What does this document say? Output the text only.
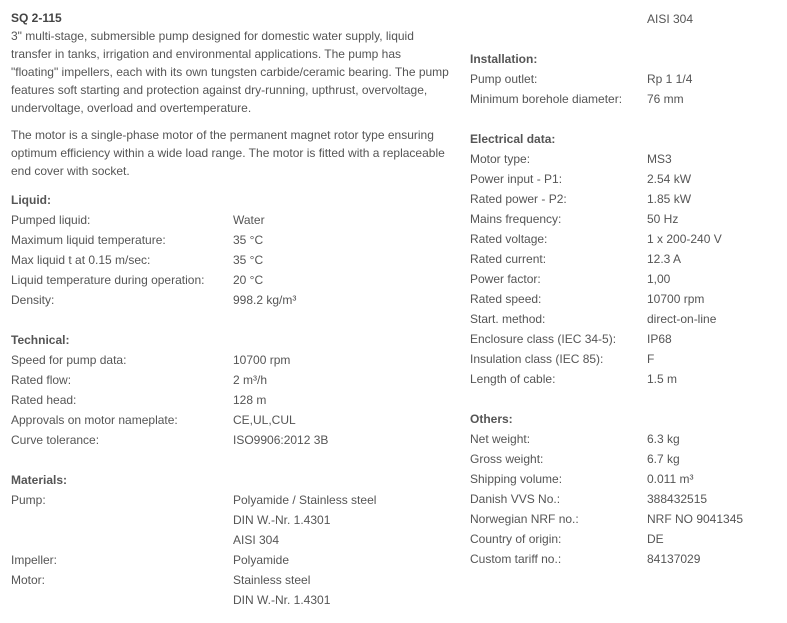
SQ 2-115

3" multi-stage, submersible pump designed for domestic water supply, liquid transfer in tanks, irrigation and environmental applications. The pump has "floating" impellers, each with its own tungsten carbide/ceramic bearing. The pump features soft starting and protection against dry-running, upthrust, overvoltage, undervoltage, overload and overtemperature.

The motor is a single-phase motor of the permanent magnet rotor type ensuring optimum efficiency within a wide load range. The motor is fitted with a replaceable end cover with socket.

Liquid:
Pumped liquid:	Water
Maximum liquid temperature:	35 °C
Max liquid t at 0.15 m/sec:	35 °C
Liquid temperature during operation:	20 °C
Density:	998.2 kg/m³
Technical:
Speed for pump data:	10700 rpm
Rated flow:	2 m³/h
Rated head:	128 m
Approvals on motor nameplate:	CE,UL,CUL
Curve tolerance:	ISO9906:2012 3B
Materials:
Pump:	Polyamide / Stainless steel
DIN W.-Nr. 1.4301
AISI 304
Impeller:	Polyamide
Motor:	Stainless steel
DIN W.-Nr. 1.4301
AISI 304
Installation:
Pump outlet:	Rp 1 1/4
Minimum borehole diameter:	76 mm
Electrical data:
Motor type:	MS3
Power input - P1:	2.54 kW
Rated power - P2:	1.85 kW
Mains frequency:	50 Hz
Rated voltage:	1 x 200-240 V
Rated current:	12.3 A
Power factor:	1,00
Rated speed:	10700 rpm
Start. method:	direct-on-line
Enclosure class (IEC 34-5):	IP68
Insulation class (IEC 85):	F
Length of cable:	1.5 m
Others:
Net weight:	6.3 kg
Gross weight:	6.7 kg
Shipping volume:	0.011 m³
Danish VVS No.:	388432515
Norwegian NRF no.:	NRF NO 9041345
Country of origin:	DE
Custom tariff no.:	84137029
